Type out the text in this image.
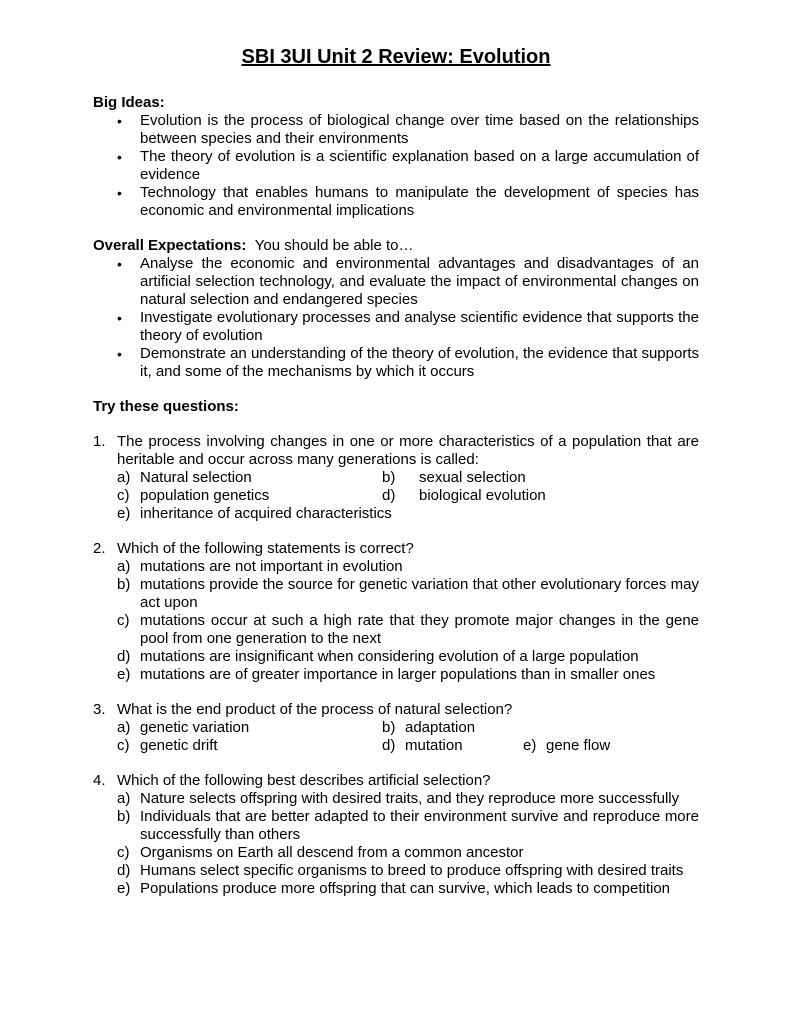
SBI 3UI Unit 2 Review: Evolution
Big Ideas:
• Evolution is the process of biological change over time based on the relationships between species and their environments
• The theory of evolution is a scientific explanation based on a large accumulation of evidence
• Technology that enables humans to manipulate the development of species has economic and environmental implications
Overall Expectations: You should be able to…
• Analyse the economic and environmental advantages and disadvantages of an artificial selection technology, and evaluate the impact of environmental changes on natural selection and endangered species
• Investigate evolutionary processes and analyse scientific evidence that supports the theory of evolution
• Demonstrate an understanding of the theory of evolution, the evidence that supports it, and some of the mechanisms by which it occurs
Try these questions:
1. The process involving changes in one or more characteristics of a population that are heritable and occur across many generations is called:
a) Natural selection	b) sexual selection
c) population genetics	d) biological evolution
e) inheritance of acquired characteristics
2. Which of the following statements is correct?
a) mutations are not important in evolution
b) mutations provide the source for genetic variation that other evolutionary forces may act upon
c) mutations occur at such a high rate that they promote major changes in the gene pool from one generation to the next
d) mutations are insignificant when considering evolution of a large population
e) mutations are of greater importance in larger populations than in smaller ones
3. What is the end product of the process of natural selection?
a) genetic variation	b) adaptation
c) genetic drift	d) mutation	e) gene flow
4. Which of the following best describes artificial selection?
a) Nature selects offspring with desired traits, and they reproduce more successfully
b) Individuals that are better adapted to their environment survive and reproduce more successfully than others
c) Organisms on Earth all descend from a common ancestor
d) Humans select specific organisms to breed to produce offspring with desired traits
e) Populations produce more offspring that can survive, which leads to competition
